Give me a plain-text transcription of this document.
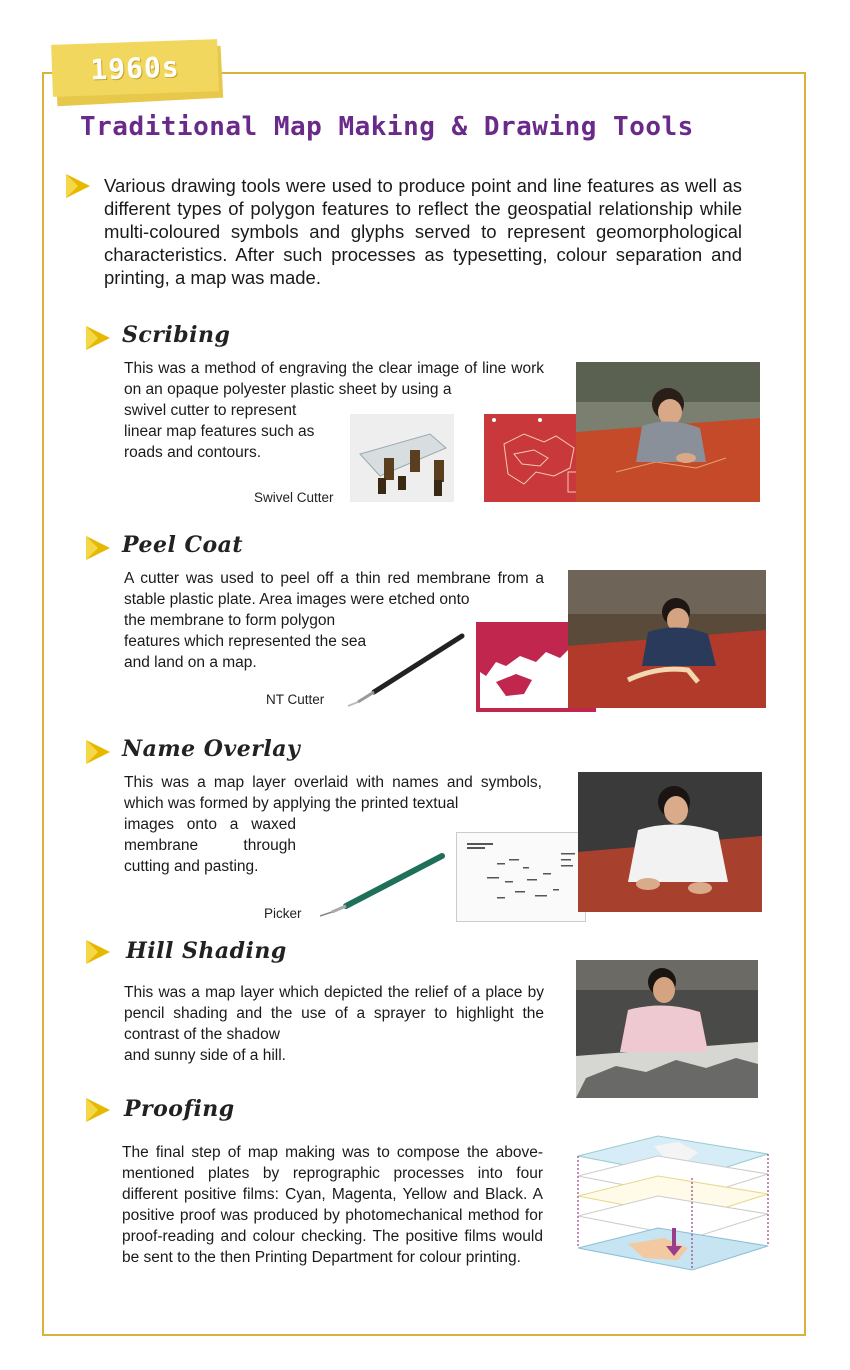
1960s
Traditional Map Making & Drawing Tools
Various drawing tools were used to produce point and line features as well as different types of polygon features to reflect the geospatial relationship while multi-coloured symbols and glyphs served to represent geomorphological characteristics. After such processes as typesetting, colour separation and printing, a map was made.
Scribing
This was a method of engraving the clear image of line work on an opaque polyester plastic sheet by using a
swivel cutter to represent linear map features such as roads and contours.
Swivel Cutter
Peel Coat
A cutter was used to peel off a thin red membrane from a stable plastic plate. Area images were etched onto
the membrane to form polygon features which represented the sea and land on a map.
NT Cutter
Name Overlay
This was a map layer overlaid with names and symbols, which was formed by applying the printed textual
images onto a waxed membrane through cutting and pasting.
Picker
Hill Shading
This was a map layer which depicted the relief of a place by pencil shading and the use of a sprayer to highlight the contrast of the shadow
and sunny side of a hill.
Proofing
The final step of map making was to compose the above-mentioned plates by reprographic processes into four different positive films: Cyan, Magenta, Yellow and Black. A positive proof was produced by photomechanical method for proof-reading and colour checking. The positive films would be sent to the then Printing Department for colour printing.
